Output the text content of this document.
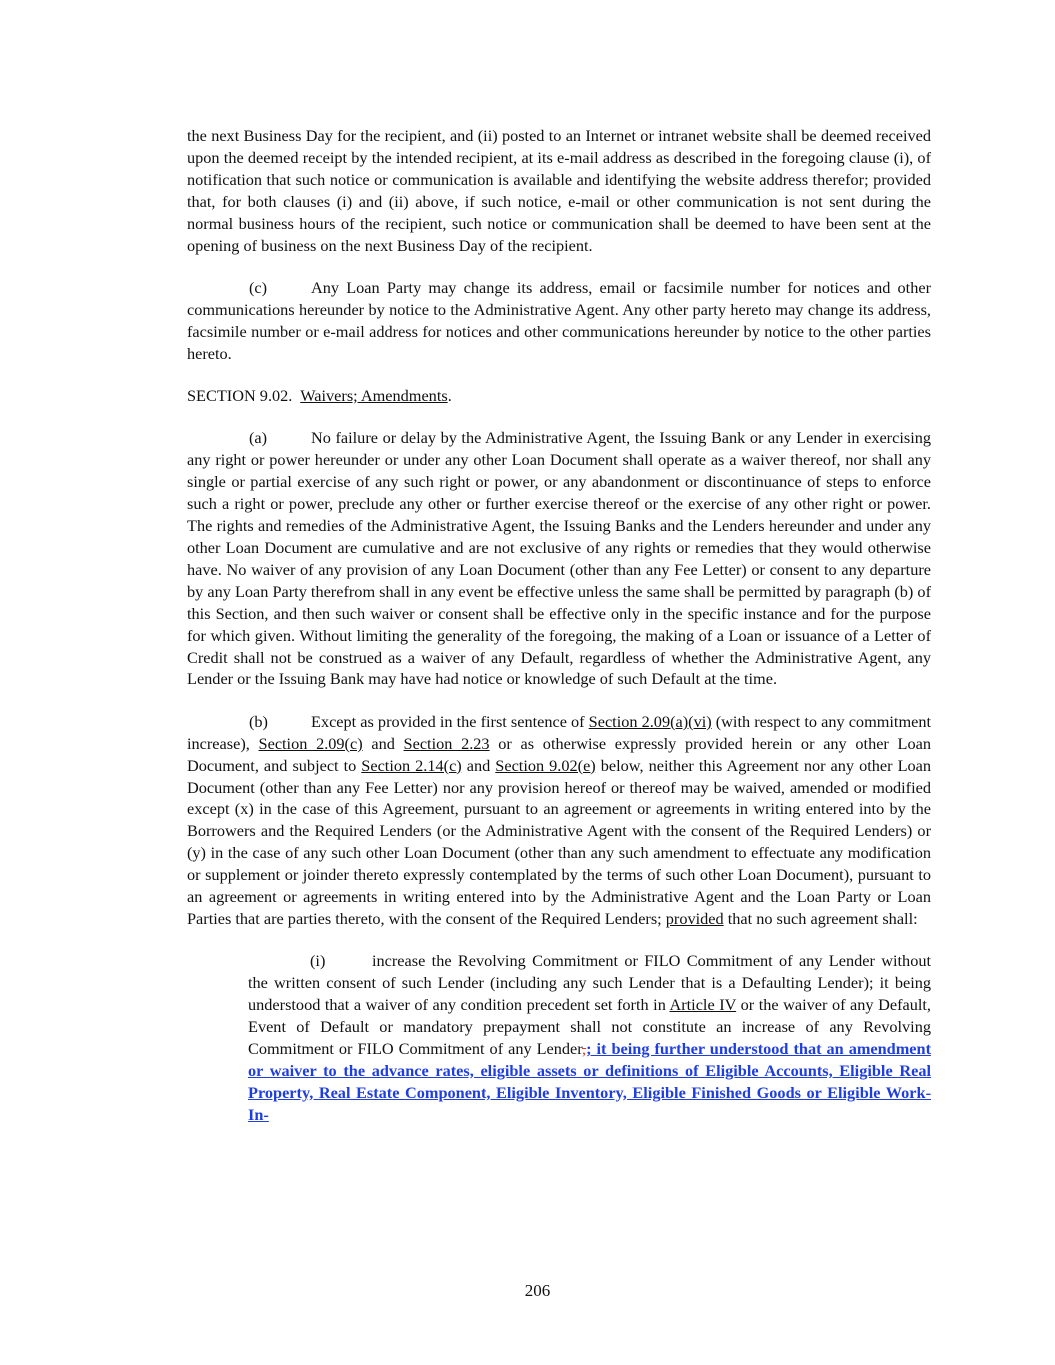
the next Business Day for the recipient, and (ii) posted to an Internet or intranet website shall be deemed received upon the deemed receipt by the intended recipient, at its e-mail address as described in the foregoing clause (i), of notification that such notice or communication is available and identifying the website address therefor; provided that, for both clauses (i) and (ii) above, if such notice, e-mail or other communication is not sent during the normal business hours of the recipient, such notice or communication shall be deemed to have been sent at the opening of business on the next Business Day of the recipient.

(c)	Any Loan Party may change its address, email or facsimile number for notices and other communications hereunder by notice to the Administrative Agent. Any other party hereto may change its address, facsimile number or e-mail address for notices and other communications hereunder by notice to the other parties hereto.

SECTION 9.02. Waivers; Amendments.

(a)	No failure or delay by the Administrative Agent, the Issuing Bank or any Lender in exercising any right or power hereunder or under any other Loan Document shall operate as a waiver thereof, nor shall any single or partial exercise of any such right or power, or any abandonment or discontinuance of steps to enforce such a right or power, preclude any other or further exercise thereof or the exercise of any other right or power. The rights and remedies of the Administrative Agent, the Issuing Banks and the Lenders hereunder and under any other Loan Document are cumulative and are not exclusive of any rights or remedies that they would otherwise have. No waiver of any provision of any Loan Document (other than any Fee Letter) or consent to any departure by any Loan Party therefrom shall in any event be effective unless the same shall be permitted by paragraph (b) of this Section, and then such waiver or consent shall be effective only in the specific instance and for the purpose for which given. Without limiting the generality of the foregoing, the making of a Loan or issuance of a Letter of Credit shall not be construed as a waiver of any Default, regardless of whether the Administrative Agent, any Lender or the Issuing Bank may have had notice or knowledge of such Default at the time.

(b)	Except as provided in the first sentence of Section 2.09(a)(vi) (with respect to any commitment increase), Section 2.09(c) and Section 2.23 or as otherwise expressly provided herein or any other Loan Document, and subject to Section 2.14(c) and Section 9.02(e) below, neither this Agreement nor any other Loan Document (other than any Fee Letter) nor any provision hereof or thereof may be waived, amended or modified except (x) in the case of this Agreement, pursuant to an agreement or agreements in writing entered into by the Borrowers and the Required Lenders (or the Administrative Agent with the consent of the Required Lenders) or (y) in the case of any such other Loan Document (other than any such amendment to effectuate any modification or supplement or joinder thereto expressly contemplated by the terms of such other Loan Document), pursuant to an agreement or agreements in writing entered into by the Administrative Agent and the Loan Party or Loan Parties that are parties thereto, with the consent of the Required Lenders; provided that no such agreement shall:

(i)	increase the Revolving Commitment or FILO Commitment of any Lender without the written consent of such Lender (including any such Lender that is a Defaulting Lender); it being understood that a waiver of any condition precedent set forth in Article IV or the waiver of any Default, Event of Default or mandatory prepayment shall not constitute an increase of any Revolving Commitment or FILO Commitment of any Lender,; it being further understood that an amendment or waiver to the advance rates, eligible assets or definitions of Eligible Accounts, Eligible Real Property, Real Estate Component, Eligible Inventory, Eligible Finished Goods or Eligible Work-In-

206
